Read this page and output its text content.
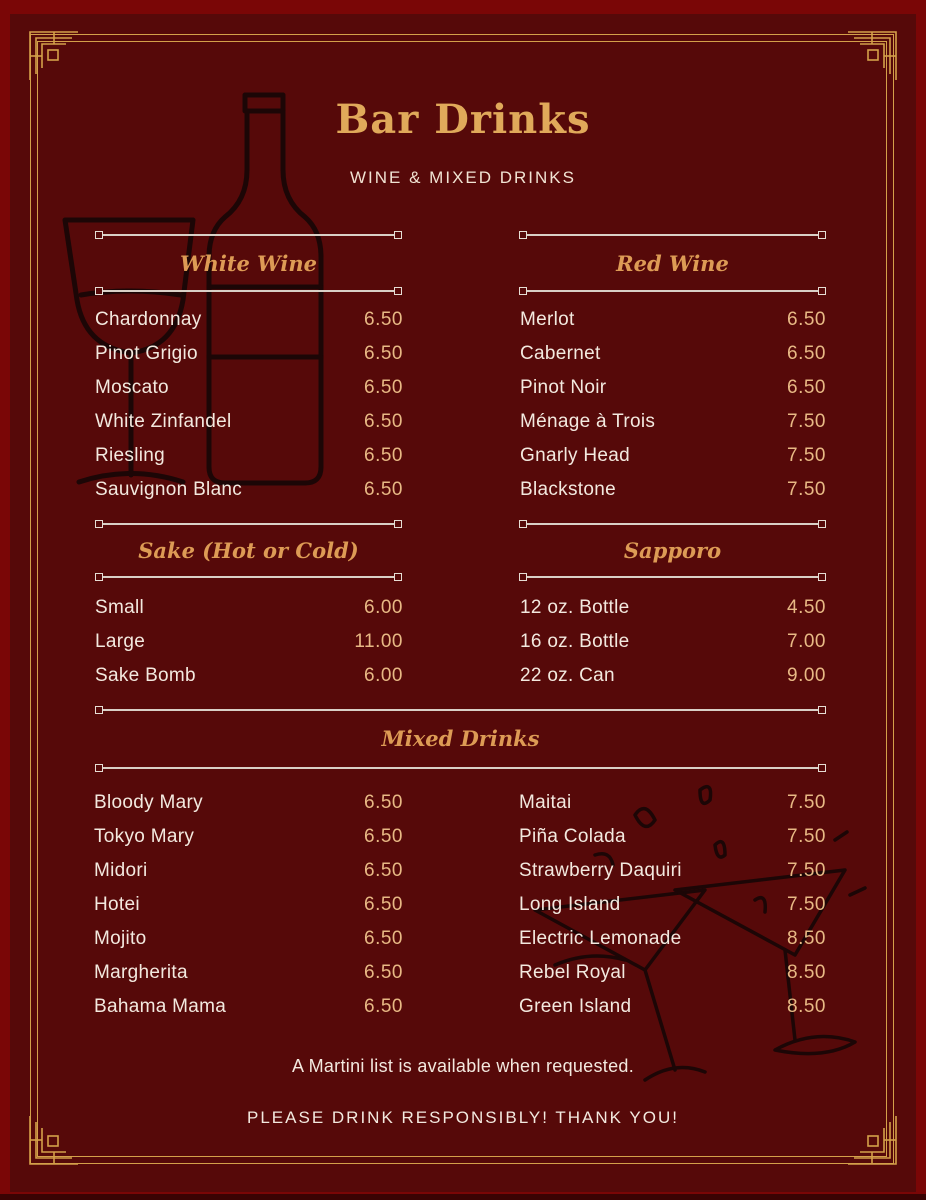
Bar Drinks
WINE & MIXED DRINKS
White Wine
Chardonnay	6.50
Pinot Grigio	6.50
Moscato	6.50
White Zinfandel	6.50
Riesling	6.50
Sauvignon Blanc	6.50
Red Wine
Merlot	6.50
Cabernet	6.50
Pinot Noir	6.50
Ménage à Trois	7.50
Gnarly Head	7.50
Blackstone	7.50
Sake (Hot or Cold)
Small	6.00
Large	11.00
Sake Bomb	6.00
Sapporo
12 oz. Bottle	4.50
16 oz. Bottle	7.00
22 oz. Can	9.00
Mixed Drinks
Bloody Mary	6.50
Tokyo Mary	6.50
Midori	6.50
Hotei	6.50
Mojito	6.50
Margherita	6.50
Bahama Mama	6.50
Maitai	7.50
Piña Colada	7.50
Strawberry Daquiri	7.50
Long Island	7.50
Electric Lemonade	8.50
Rebel Royal	8.50
Green Island	8.50
A Martini list is available when requested.
PLEASE DRINK RESPONSIBLY! THANK YOU!
